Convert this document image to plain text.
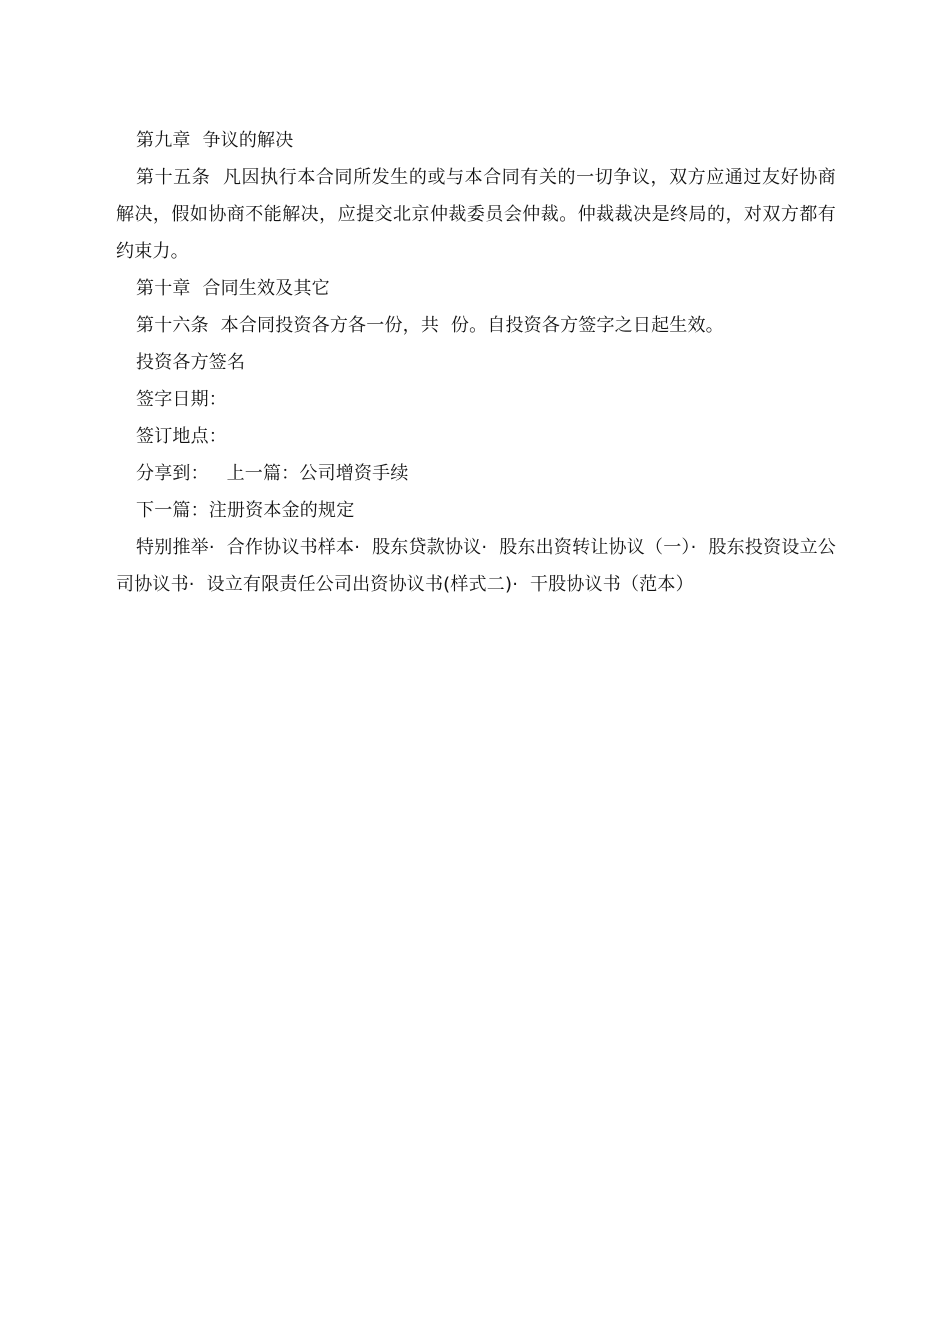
第九章  争议的解决

第十五条  凡因执行本合同所发生的或与本合同有关的一切争议，双方应通过友好协商解决，假如协商不能解决，应提交北京仲裁委员会仲裁。仲裁裁决是终局的，对双方都有约束力。

第十章  合同生效及其它

第十六条  本合同投资各方各一份，共  份。自投资各方签字之日起生效。

投资各方签名

签字日期：

签订地点：

分享到：   上一篇：公司增资手续

下一篇：注册资本金的规定

特别推举·  合作协议书样本·  股东贷款协议·  股东出资转让协议（一）·  股东投资设立公司协议书·  设立有限责任公司出资协议书(样式二)·  干股协议书（范本）
